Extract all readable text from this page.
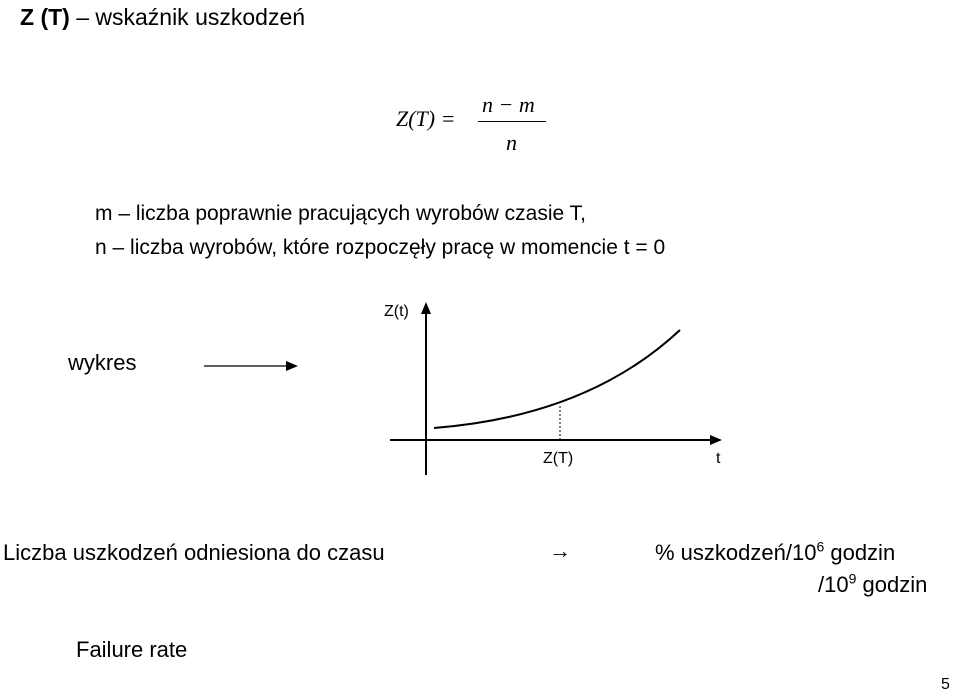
Z (T) – wskaźnik uszkodzeń
Z(T) =
n − m
n
m – liczba poprawnie pracujących wyrobów czasie T,
n – liczba wyrobów, które rozpoczęły pracę w momencie t = 0
wykres
Z(t)
Z(T)	t
Liczba uszkodzeń odniesiona do czasu	→	% uszkodzeń/$10^6$ godzin
$/10^9$ godzin
Failure rate
5
